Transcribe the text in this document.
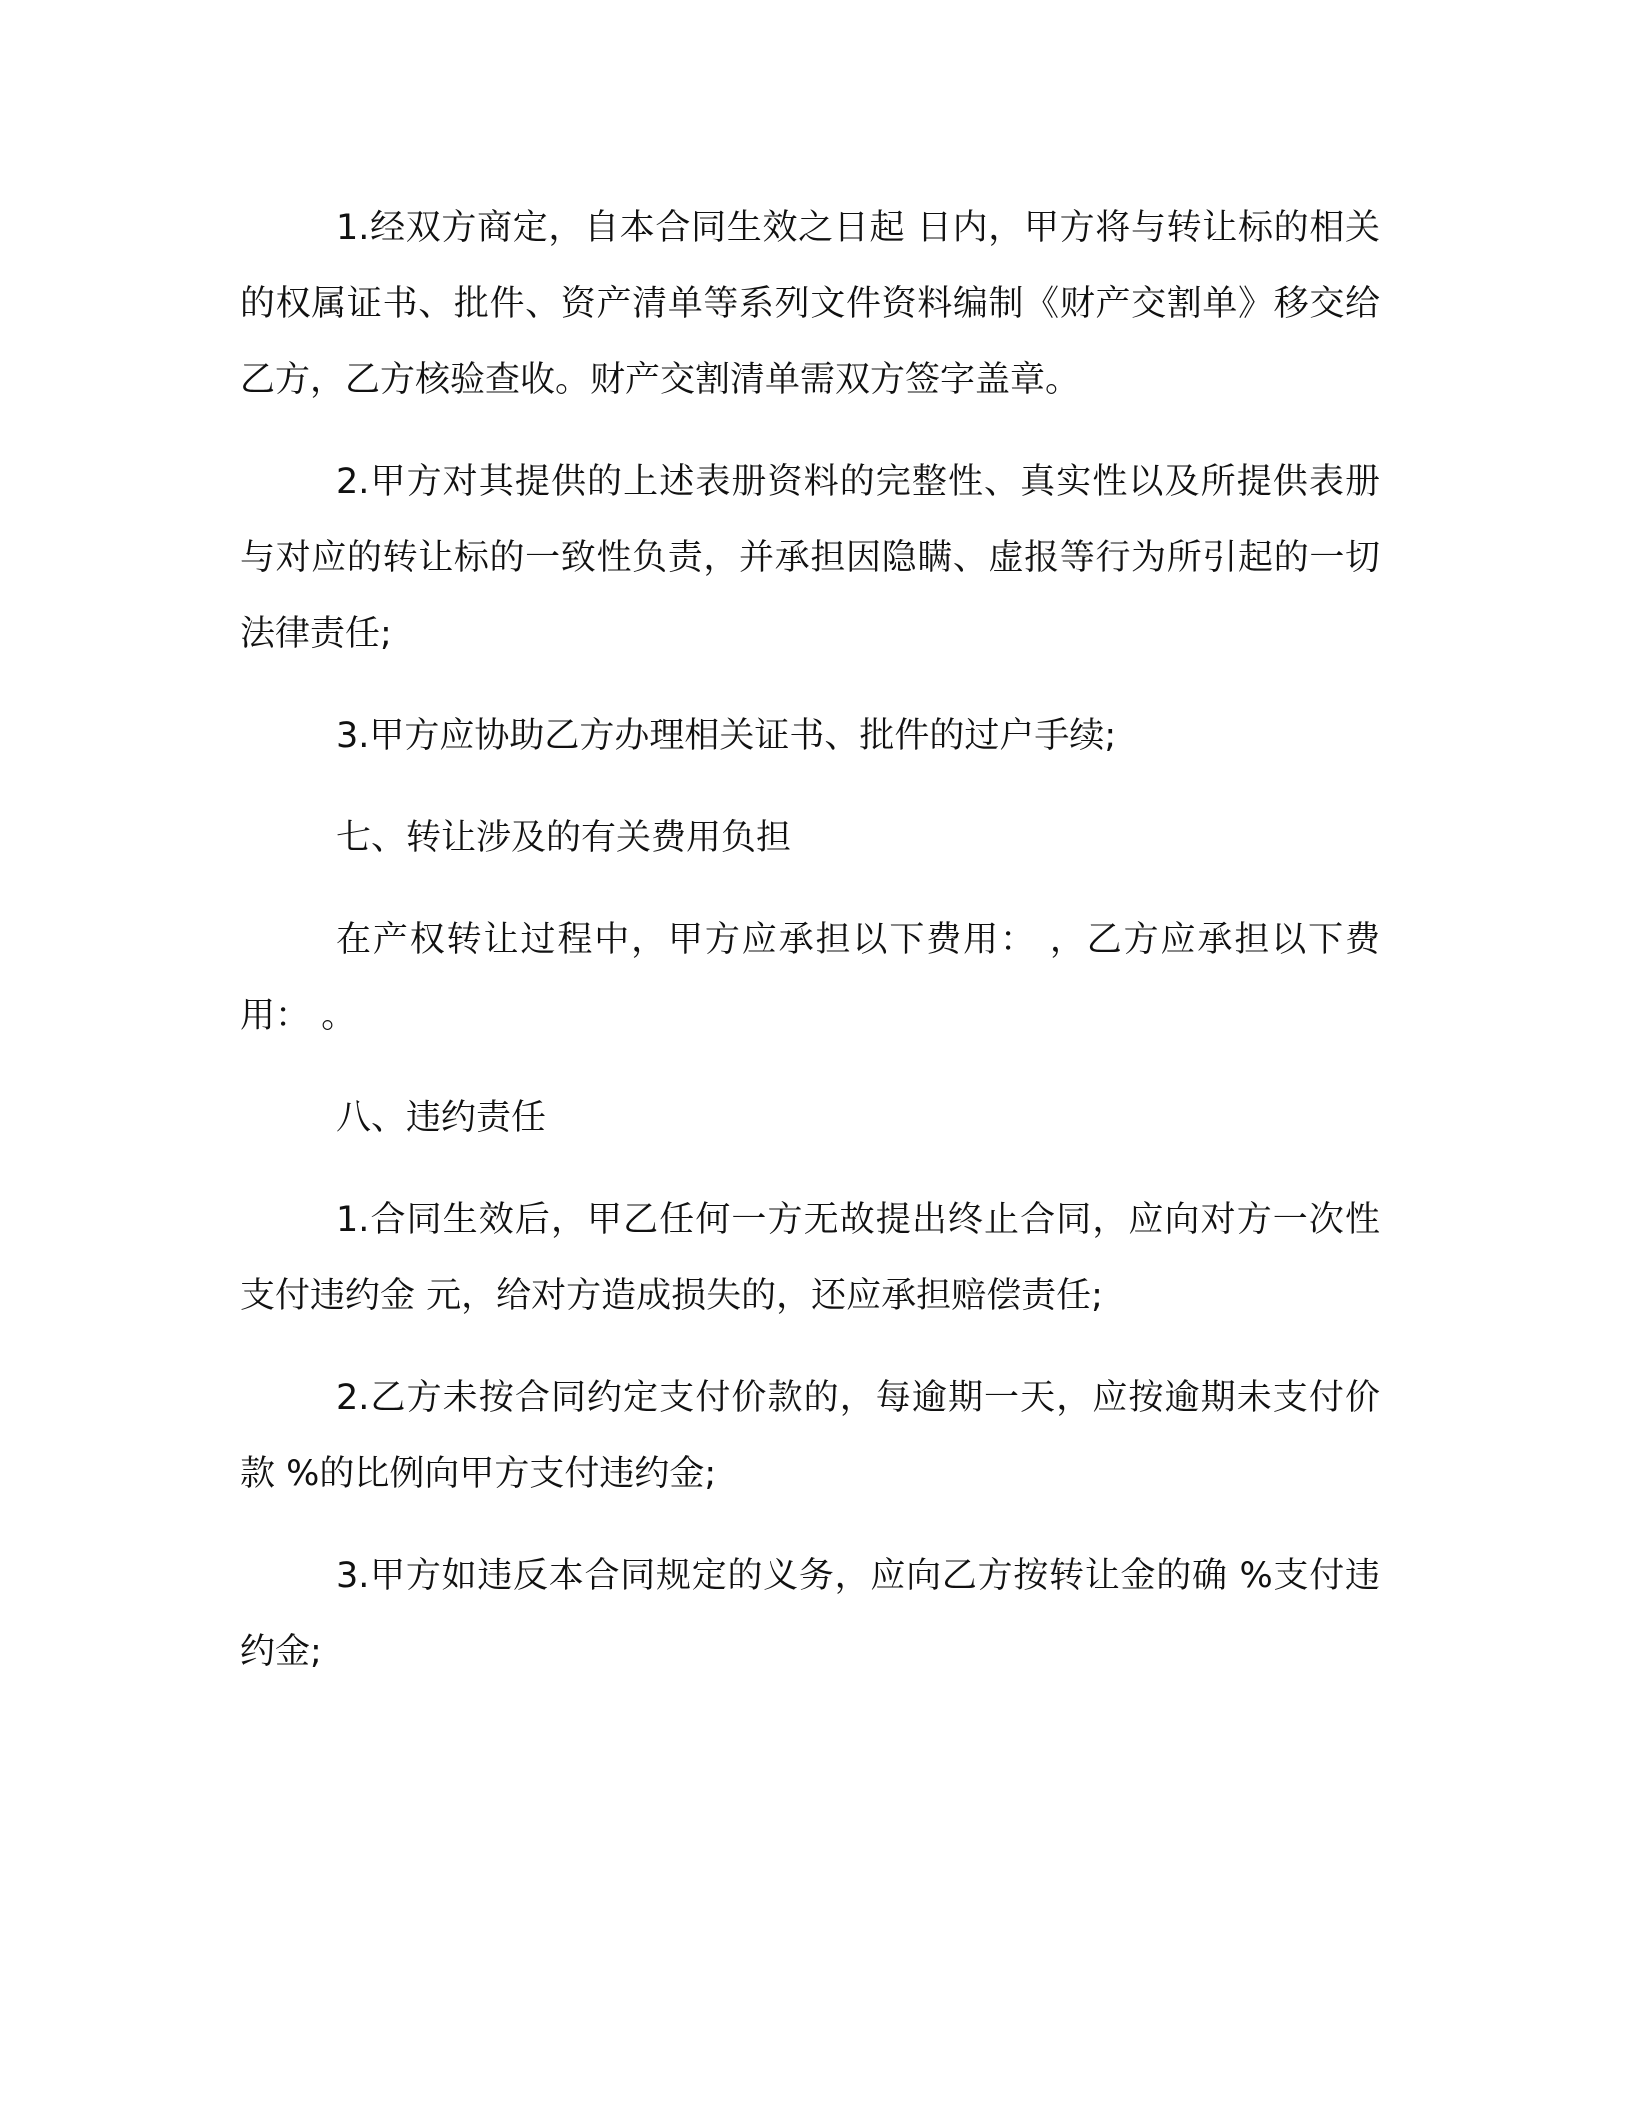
1.经双方商定，自本合同生效之日起 日内，甲方将与转让标的相关的权属证书、批件、资产清单等系列文件资料编制《财产交割单》移交给乙方，乙方核验查收。财产交割清单需双方签字盖章。

2.甲方对其提供的上述表册资料的完整性、真实性以及所提供表册与对应的转让标的一致性负责，并承担因隐瞒、虚报等行为所引起的一切法律责任;

3.甲方应协助乙方办理相关证书、批件的过户手续;

七、转让涉及的有关费用负担

在产权转让过程中，甲方应承担以下费用： ，乙方应承担以下费用： 。

八、违约责任

1.合同生效后，甲乙任何一方无故提出终止合同，应向对方一次性支付违约金 元，给对方造成损失的，还应承担赔偿责任;

2.乙方未按合同约定支付价款的，每逾期一天，应按逾期未支付价款 %的比例向甲方支付违约金;

3.甲方如违反本合同规定的义务，应向乙方按转让金的确 %支付违约金;
